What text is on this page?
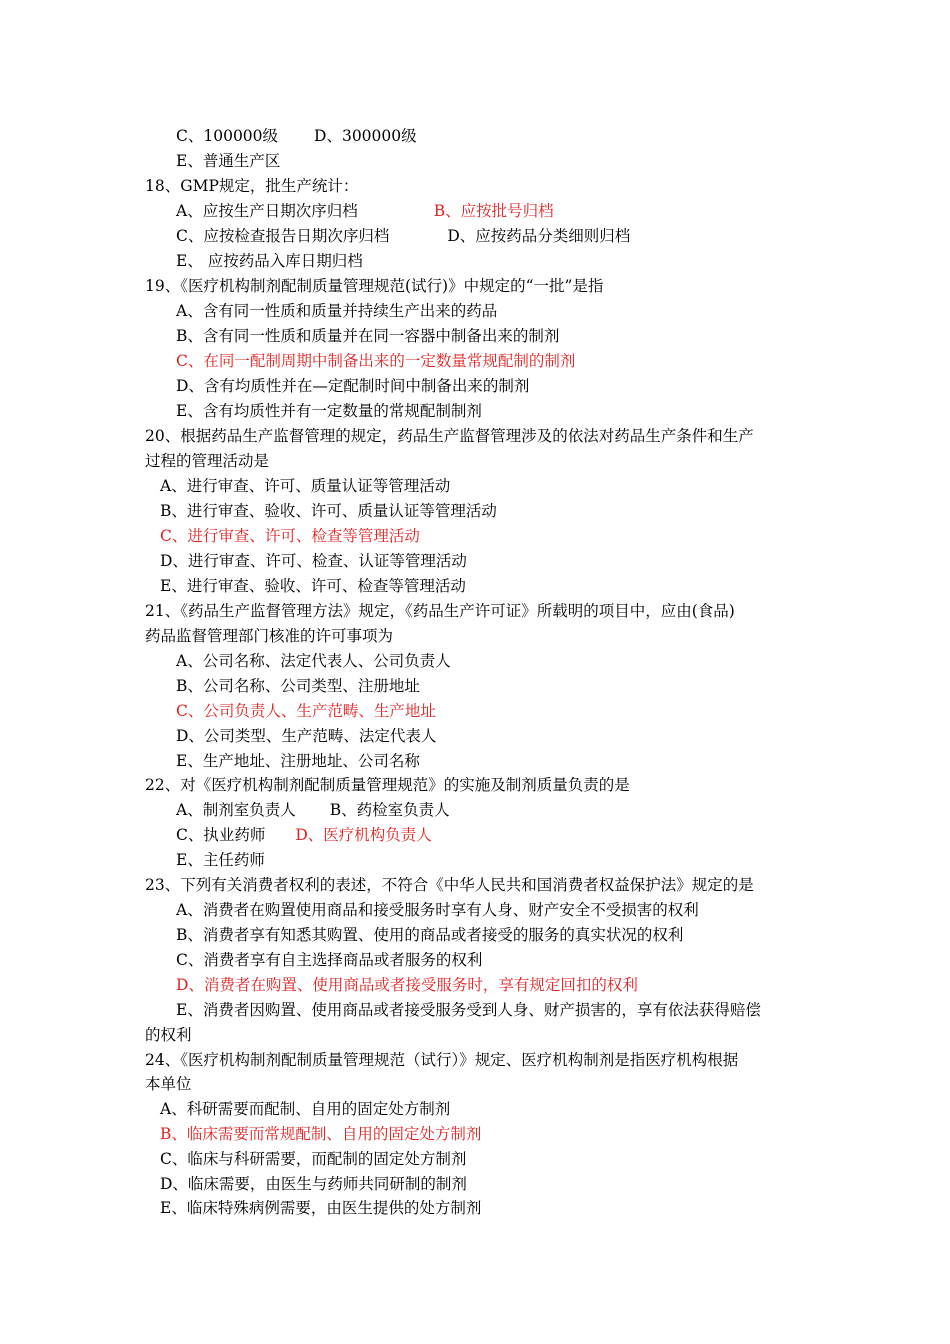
C、100000级 D、300000级
E、普通生产区
18、GMP规定，批生产统计：
A、应按生产日期次序归档	B、应按批号归档
C、应按检查报告日期次序归档	D、应按药品分类细则归档
E、 应按药品入库日期归档
19、《医疗机构制剂配制质量管理规范(试行)》中规定的“一批”是指
A、含有同一性质和质量并持续生产出来的药品
B、含有同一性质和质量并在同一容器中制备出来的制剂
C、在同一配制周期中制备出来的一定数量常规配制的制剂
D、含有均质性并在—定配制时间中制备出来的制剂
E、含有均质性并有一定数量的常规配制制剂
20、根据药品生产监督管理的规定，药品生产监督管理涉及的依法对药品生产条件和生产
过程的管理活动是
A、进行审查、许可、质量认证等管理活动
B、进行审查、验收、许可、质量认证等管理活动
C、进行审查、许可、检查等管理活动
D、进行审查、许可、检查、认证等管理活动
E、进行审查、验收、许可、检查等管理活动
21、《药品生产监督管理方法》规定，《药品生产许可证》所载明的项目中，应由(食品)
药品监督管理部门核准的许可事项为
A、公司名称、法定代表人、公司负责人
B、公司名称、公司类型、注册地址
C、公司负责人、生产范畴、生产地址
D、公司类型、生产范畴、法定代表人
E、生产地址、注册地址、公司名称
22、对《医疗机构制剂配制质量管理规范》的实施及制剂质量负责的是
A、制剂室负责人 B、药检室负责人
C、执业药师 D、医疗机构负责人
E、主任药师
23、下列有关消费者权利的表述，不符合《中华人民共和国消费者权益保护法》规定的是
A、消费者在购置使用商品和接受服务时享有人身、财产安全不受损害的权利
B、消费者享有知悉其购置、使用的商品或者接受的服务的真实状况的权利
C、消费者享有自主选择商品或者服务的权利
D、消费者在购置、使用商品或者接受服务时，享有规定回扣的权利
E、消费者因购置、使用商品或者接受服务受到人身、财产损害的，享有依法获得赔偿
的权利
24、《医疗机构制剂配制质量管理规范（试行）》规定、医疗机构制剂是指医疗机构根据
本单位
A、科研需要而配制、自用的固定处方制剂
B、临床需要而常规配制、自用的固定处方制剂
C、临床与科研需要，而配制的固定处方制剂
D、临床需要，由医生与药师共同研制的制剂
E、临床特殊病例需要，由医生提供的处方制剂
